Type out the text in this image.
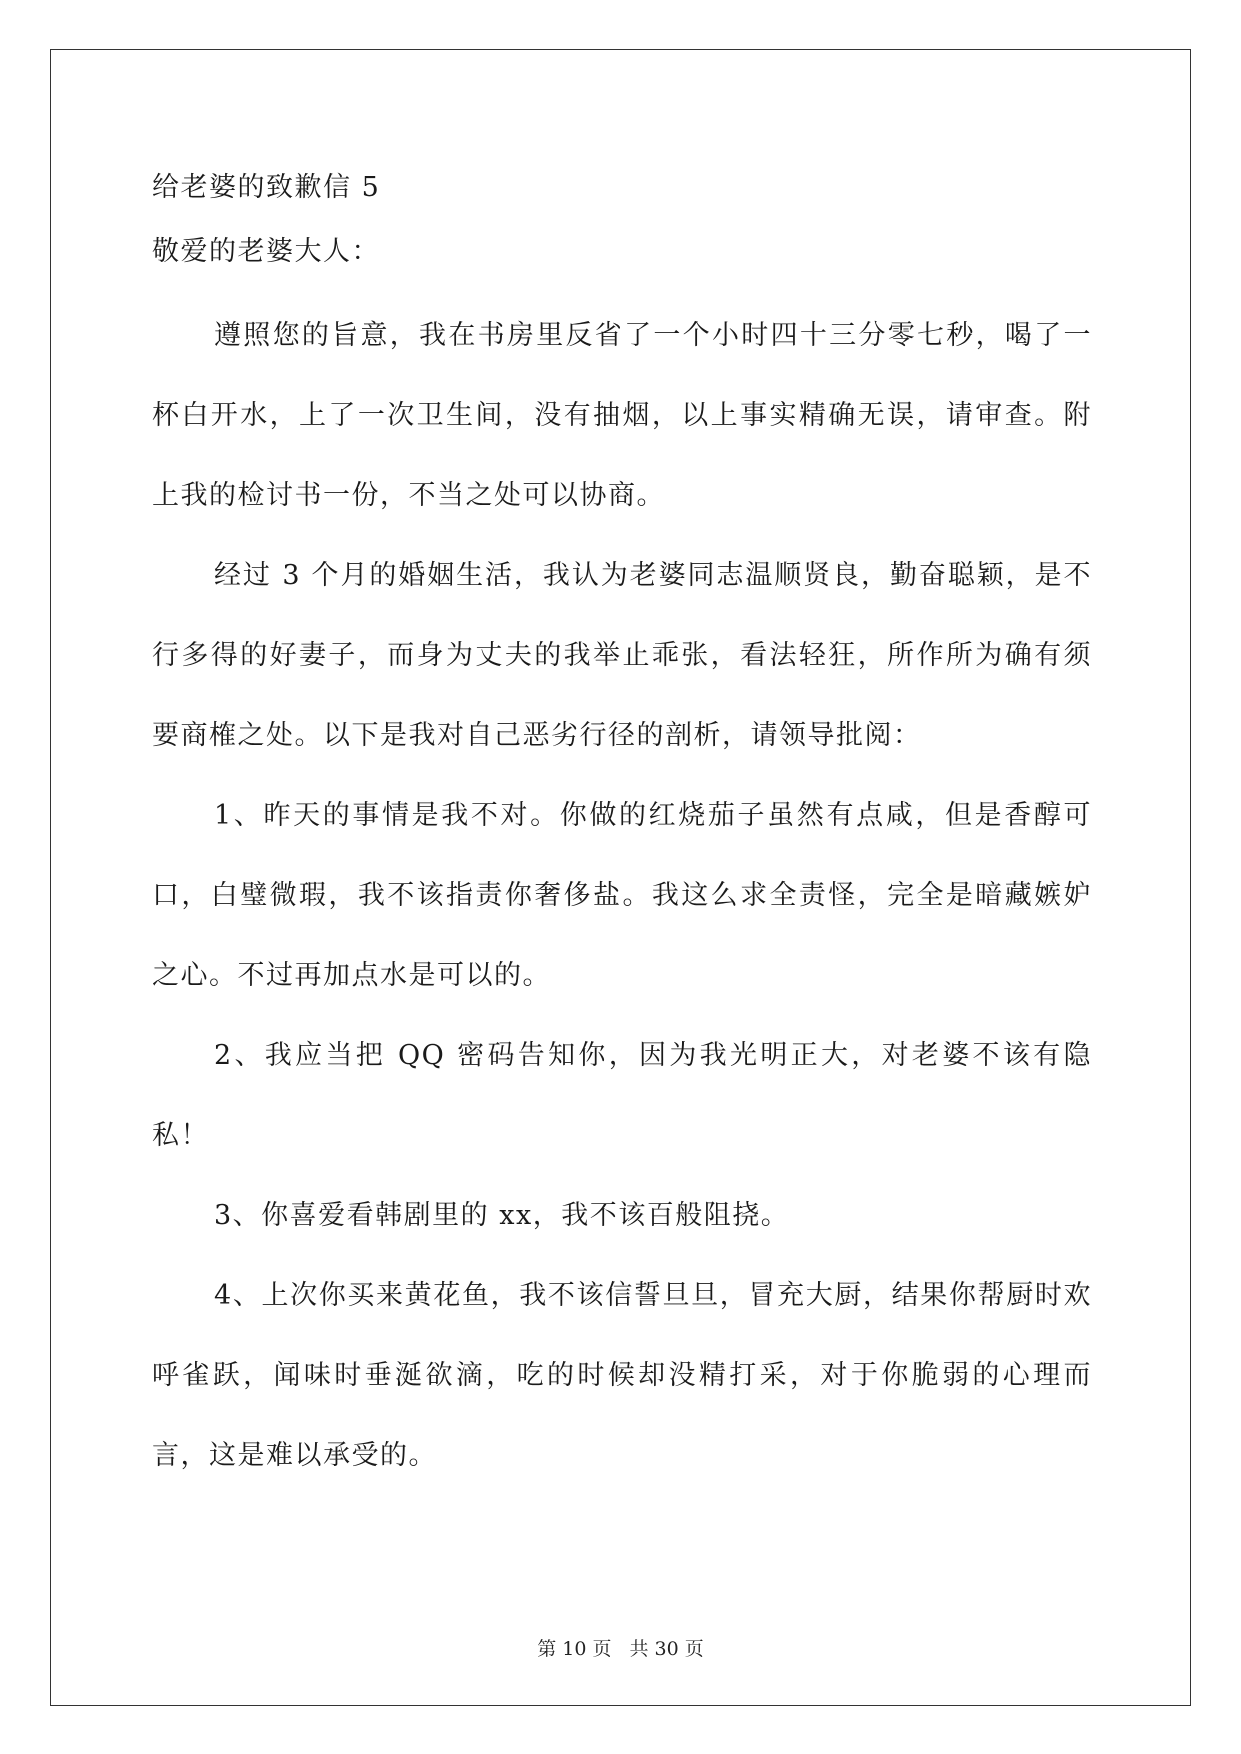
给老婆的致歉信 5
敬爱的老婆大人：
遵照您的旨意，我在书房里反省了一个小时四十三分零七秒，喝了一杯白开水，上了一次卫生间，没有抽烟，以上事实精确无误，请审查。附上我的检讨书一份，不当之处可以协商。
经过 3 个月的婚姻生活，我认为老婆同志温顺贤良，勤奋聪颖，是不行多得的好妻子，而身为丈夫的我举止乖张，看法轻狂，所作所为确有须要商榷之处。以下是我对自己恶劣行径的剖析，请领导批阅：
1、昨天的事情是我不对。你做的红烧茄子虽然有点咸，但是香醇可口，白璧微瑕，我不该指责你奢侈盐。我这么求全责怪，完全是暗藏嫉妒之心。不过再加点水是可以的。
2、我应当把 QQ 密码告知你，因为我光明正大，对老婆不该有隐私！
3、你喜爱看韩剧里的 xx，我不该百般阻挠。
4、上次你买来黄花鱼，我不该信誓旦旦，冒充大厨，结果你帮厨时欢呼雀跃，闻味时垂涎欲滴，吃的时候却没精打采，对于你脆弱的心理而言，这是难以承受的。
第 10 页 共 30 页
